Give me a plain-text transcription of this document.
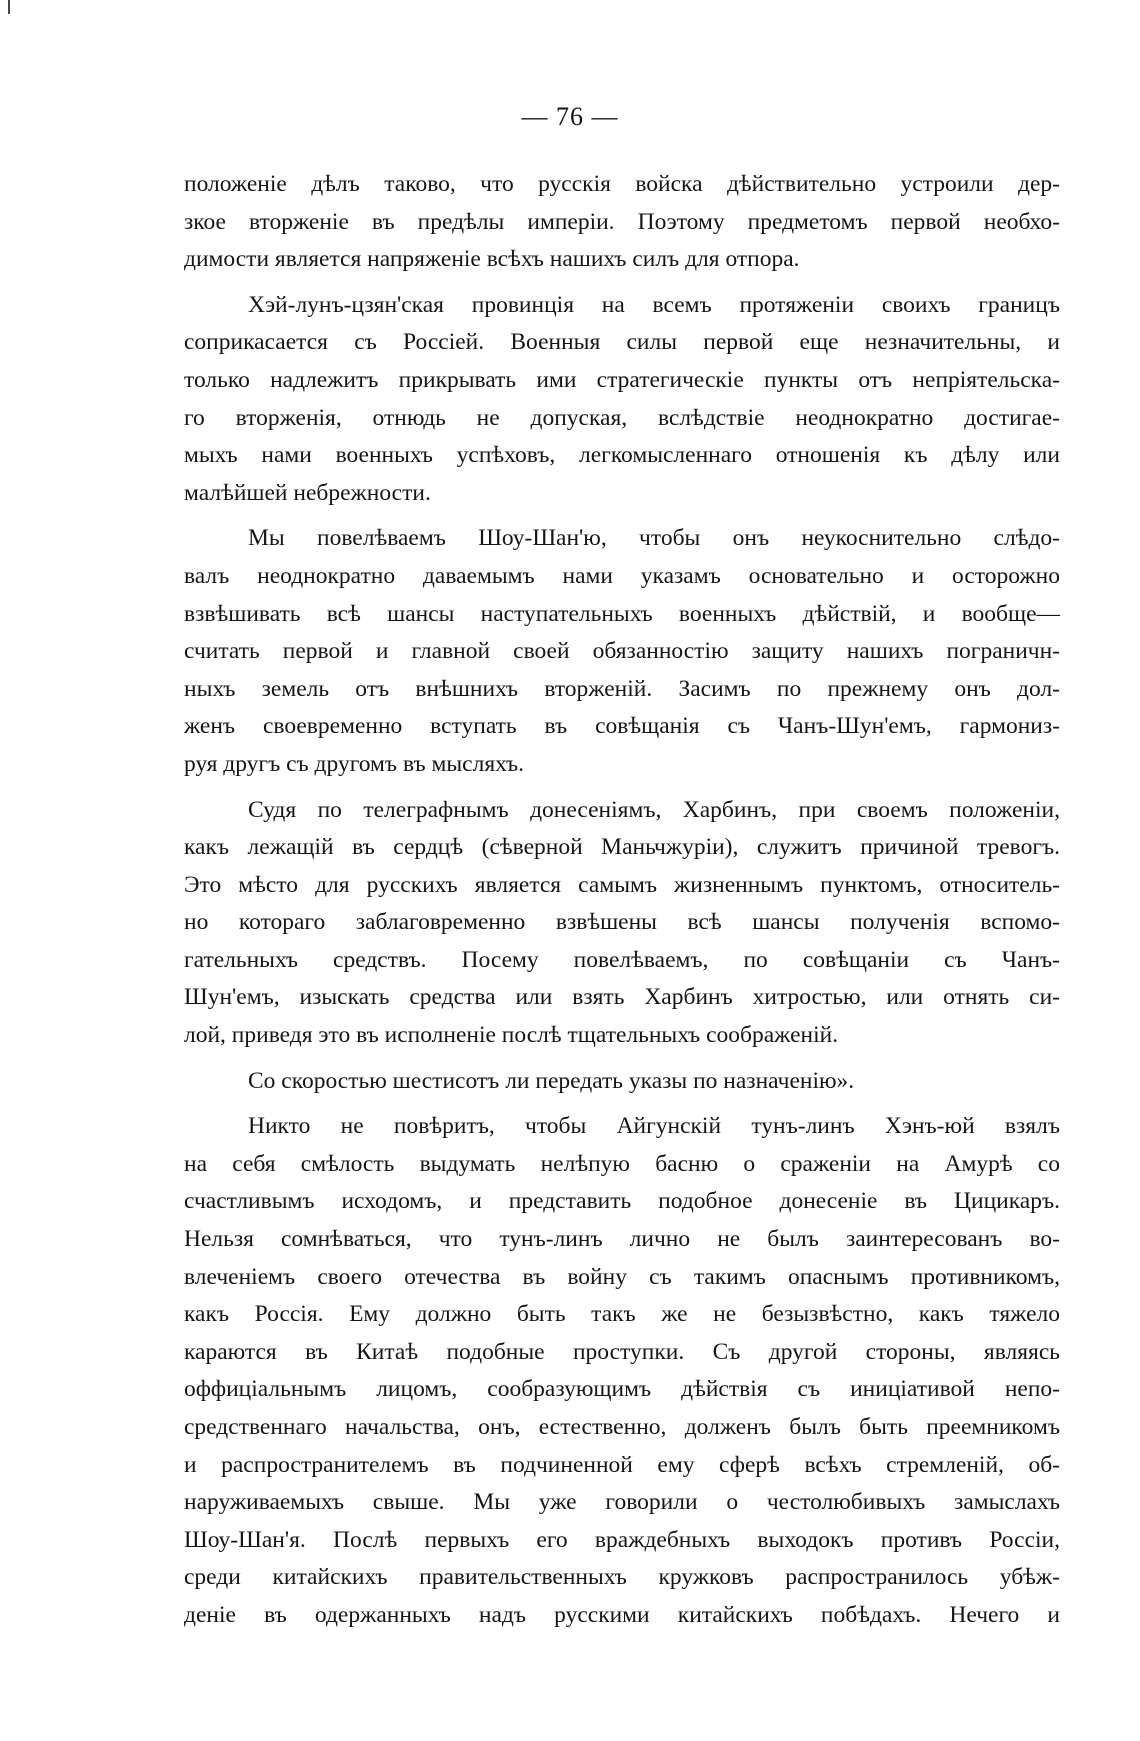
— 76 —
положеніе дѣлъ таково, что русскія войска дѣйствительно устроили дер-
зкое вторженіе въ предѣлы имперіи. Поэтому предметомъ первой необхо-
димости является напряженіе всѣхъ нашихъ силъ для отпора.
Хэй-лунъ-цзян'ская провинція на всемъ протяженіи своихъ границъ
соприкасается съ Россіей. Военныя силы первой еще незначительны, и
только надлежитъ прикрывать ими стратегическіе пункты отъ непріятельска-
го вторженія, отнюдь не допуская, вслѣдствіе неоднократно достигае-
мыхъ нами военныхъ успѣховъ, легкомысленнаго отношенія къ дѣлу или
малѣйшей небрежности.
Мы повелѣваемъ Шоу-Шан'ю, чтобы онъ неукоснительно слѣдо-
валъ неоднократно даваемымъ нами указамъ основательно и осторожно
взвѣшивать всѣ шансы наступательныхъ военныхъ дѣйствій, и вообще—
считать первой и главной своей обязанностію защиту нашихъ пограничн-
ныхъ земель отъ внѣшнихъ вторженій. Засимъ по прежнему онъ дол-
женъ своевременно вступать въ совѣщанія съ Чанъ-Шун'емъ, гармониз-
руя другъ съ другомъ въ мысляхъ.
Судя по телеграфнымъ донесеніямъ, Харбинъ, при своемъ положеніи,
какъ лежащій въ сердцѣ (сѣверной Маньчжуріи), служитъ причиной тревогъ.
Это мѣсто для русскихъ является самымъ жизненнымъ пунктомъ, относитель-
но котораго заблаговременно взвѣшены всѣ шансы полученія вспомо-
гательныхъ средствъ. Посему повелѣваемъ, по совѣщаніи съ Чанъ-
Шун'емъ, изыскать средства или взять Харбинъ хитростью, или отнять си-
лой, приведя это въ исполненіе послѣ тщательныхъ соображеній.
Со скоростью шестисотъ ли передать указы по назначенію».
Никто не повѣритъ, чтобы Айгунскій тунъ-линъ Хэнъ-юй взялъ
на себя смѣлость выдумать нелѣпую басню о сраженіи на Амурѣ со
счастливымъ исходомъ, и представить подобное донесеніе въ Цицикаръ.
Нельзя сомнѣваться, что тунъ-линъ лично не былъ заинтересованъ во-
влеченіемъ своего отечества въ войну съ такимъ опаснымъ противникомъ,
какъ Россія. Ему должно быть такъ же не безызвѣстно, какъ тяжело
караются въ Китаѣ подобные проступки. Съ другой стороны, являясь
оффиціальнымъ лицомъ, сообразующимъ дѣйствія съ иниціативой непо-
средственнаго начальства, онъ, естественно, долженъ былъ быть преемникомъ
и распространителемъ въ подчиненной ему сферѣ всѣхъ стремленій, об-
наруживаемыхъ свыше. Мы уже говорили о честолюбивыхъ замыслахъ
Шоу-Шан'я. Послѣ первыхъ его враждебныхъ выходокъ противъ Россіи,
среди китайскихъ правительственныхъ кружковъ распространилось убѣж-
деніе въ одержанныхъ надъ русскими китайскихъ побѣдахъ. Нечего и
